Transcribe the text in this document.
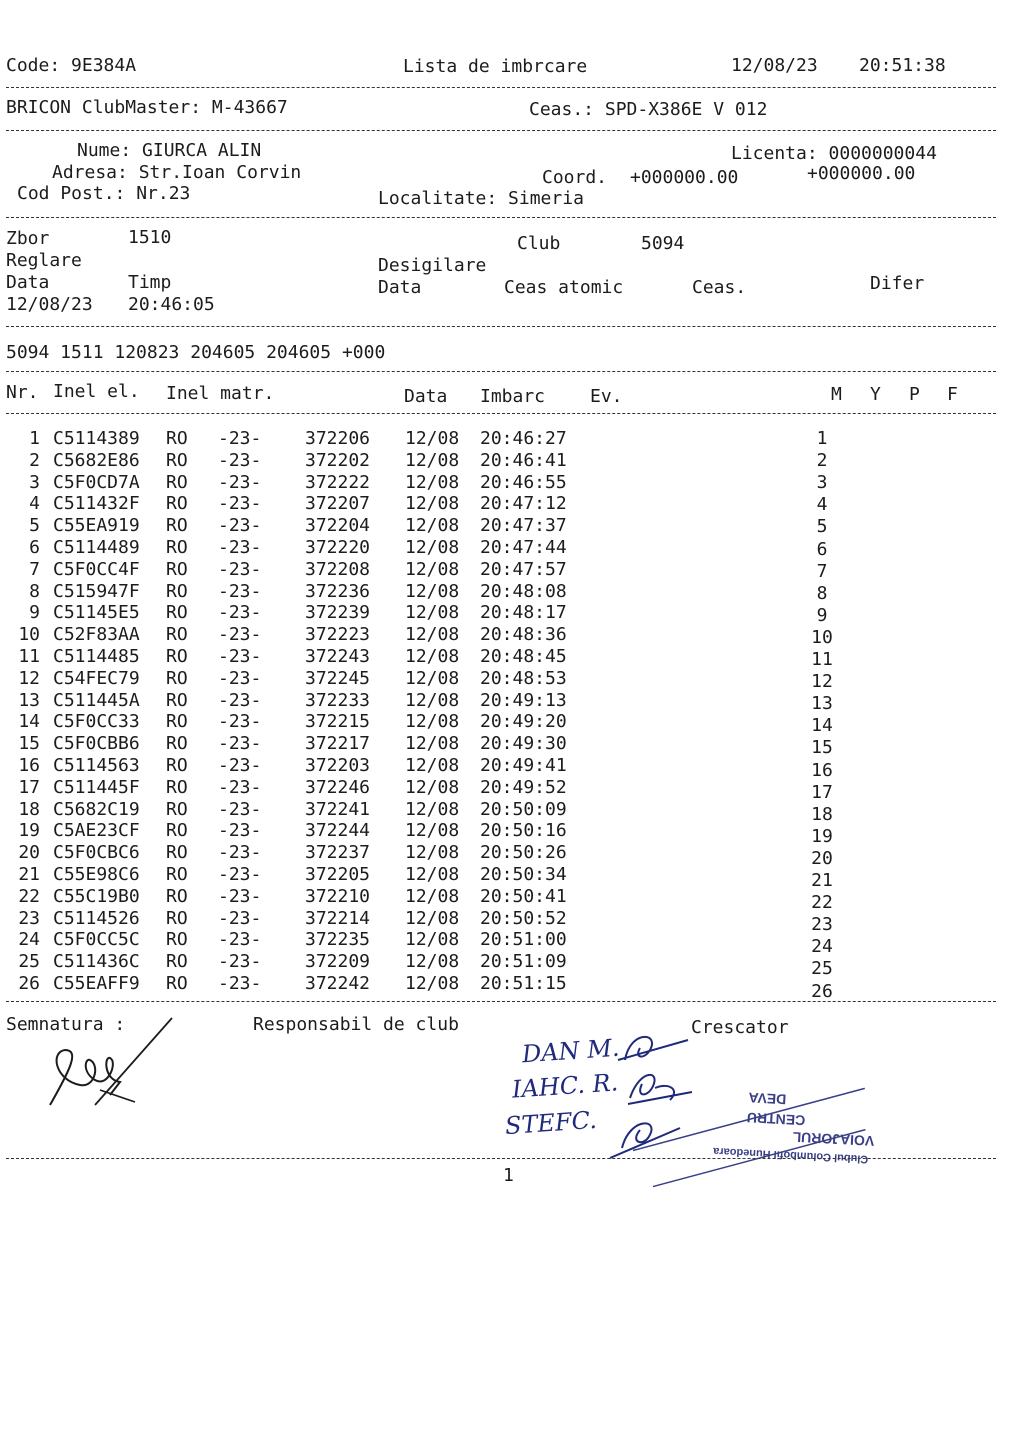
Code: 9E384A	Lista de imbrcare	12/08/23 20:51:38
BRICON ClubMaster: M-43667	Ceas.: SPD-X386E V 012
Nume: GIURCA ALIN	Licenta: 0000000044
Adresa: Str.Ioan Corvin	Coord. +000000.00	+000000.00
Cod Post.: Nr.23	Localitate: Simeria
Zbor	1510	Club	5094
Reglare	Desigilare
Data	Timp	Data	Ceas atomic	Ceas.	Difer
12/08/23 20:46:05
5094 1511 120823 204605 204605 +000
Nr. Inel el. Inel matr.	Data Imbarc Ev.	M Y P F
1 C5114389 RO -23- 372206 12/08 20:46:27	1
2 C5682E86 RO -23- 372202 12/08 20:46:41	2
3 C5F0CD7A RO -23- 372222 12/08 20:46:55	3
4 C511432F RO -23- 372207 12/08 20:47:12	4
5 C55EA919 RO -23- 372204 12/08 20:47:37	5
6 C5114489 RO -23- 372220 12/08 20:47:44	6
7 C5F0CC4F RO -23- 372208 12/08 20:47:57	7
8 C515947F RO -23- 372236 12/08 20:48:08	8
9 C51145E5 RO -23- 372239 12/08 20:48:17	9
10 C52F83AA RO -23- 372223 12/08 20:48:36	10
11 C5114485 RO -23- 372243 12/08 20:48:45	11
12 C54FEC79 RO -23- 372245 12/08 20:48:53	12
13 C511445A RO -23- 372233 12/08 20:49:13	13
14 C5F0CC33 RO -23- 372215 12/08 20:49:20	14
15 C5F0CBB6 RO -23- 372217 12/08 20:49:30	15
16 C5114563 RO -23- 372203 12/08 20:49:41	16
17 C511445F RO -23- 372246 12/08 20:49:52	17
18 C5682C19 RO -23- 372241 12/08 20:50:09	18
19 C5AE23CF RO -23- 372244 12/08 20:50:16	19
20 C5F0CBC6 RO -23- 372237 12/08 20:50:26	20
21 C55E98C6 RO -23- 372205 12/08 20:50:34	21
22 C55C19B0 RO -23- 372210 12/08 20:50:41	22
23 C5114526 RO -23- 372214 12/08 20:50:52	23
24 C5F0CC5C RO -23- 372235 12/08 20:51:00	24
25 C511436C RO -23- 372209 12/08 20:51:09	25
26 C55EAFF9 RO -23- 372242 12/08 20:51:15	26
Semnatura :	Responsabil de club	Crescator
DAN M.
IAHC. R.
STEFC.
DEVA
CENTRU
VOIAJORUL
Clubul Columbofil Hunedoara
1
